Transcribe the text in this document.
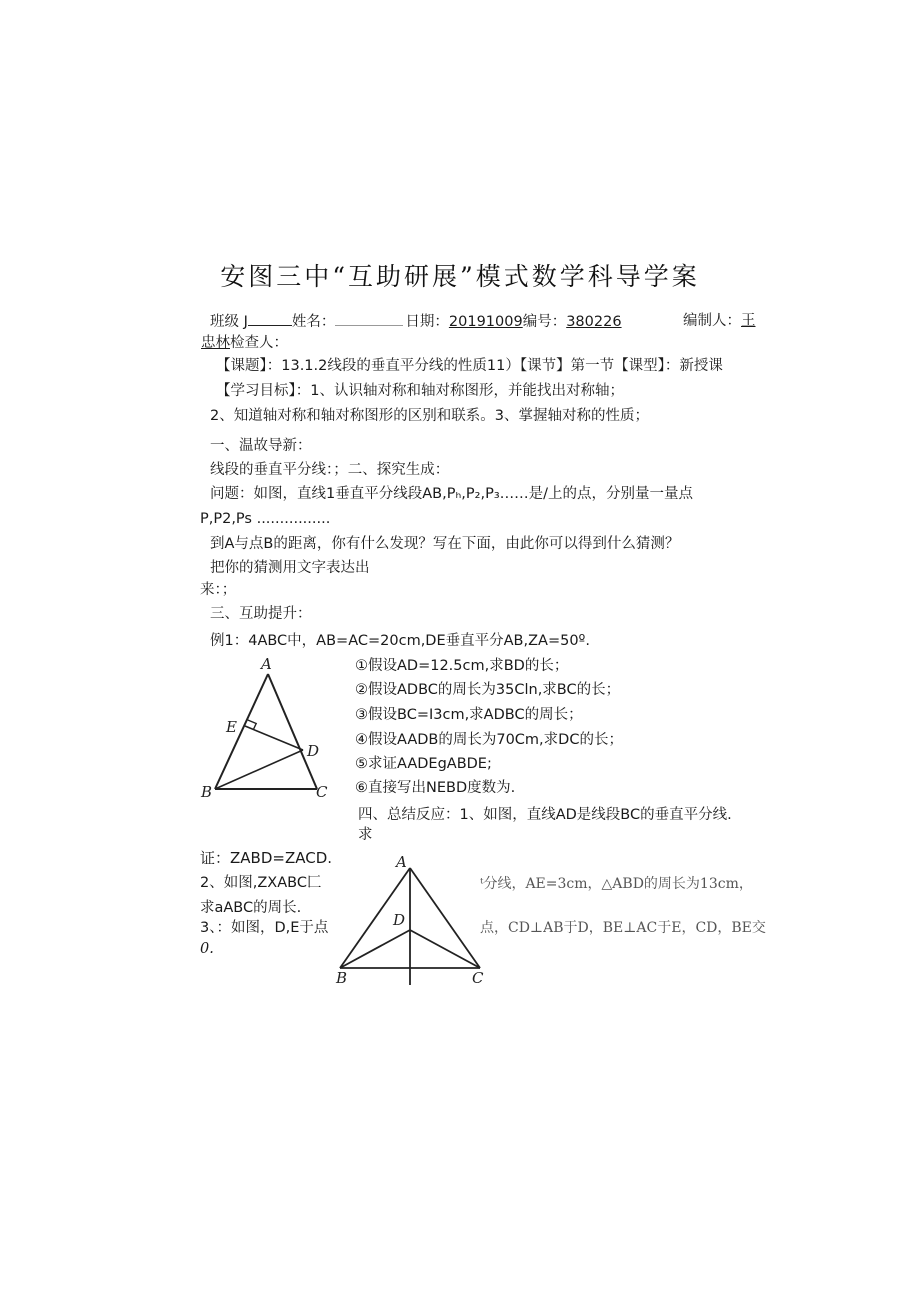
安图三中“互助研展”模式数学科导学案
班级 J	姓名：	日期：20191009编号：380226	编制人：王
忠林检查人：
【课题】：13.1.2线段的垂直平分线的性质11）【课节】第一节【课型】：新授课
【学习目标】：1、认识轴对称和轴对称图形，并能找出对称轴；
2、知道轴对称和轴对称图形的区别和联系。3、掌握轴对称的性质；
一、温故导新：
线段的垂直平分线：；二、探究生成：
问题：如图，直线1垂直平分线段AB,Pₕ,P₂,P₃……是/上的点，分别量一量点
P,P2,Ps ................
到A与点B的距离，你有什么发现？写在下面，由此你可以得到什么猜测？
把你的猜测用文字表达出
来：；
三、互助提升：
例1：4ABC中，AB=AC=20cm,DE垂直平分AB,ZA=50º.
①假设AD=12.5cm,求BD的长；
②假设ADBC的周长为35Cln,求BC的长；
③假设BC=I3cm,求ADBC的周长；
④假设AADB的周长为70Cm,求DC的长；
⑤求证AADEgABDE;
⑥直接写出NEBD度数为.
四、总结反应：1、如图，直线AD是线段BC的垂直平分线.
求
A
E
D
B	C
证：ZABD=ZACD.
2、如图,ZXABC匚
求aABC的周长.
3、：如图，D,E于点
0.
A
D
B	C
ᵗ分线，AE=3cm，△ABD的周长为13cm，
点，CD⊥AB于D，BE⊥AC于E，CD，BE交
